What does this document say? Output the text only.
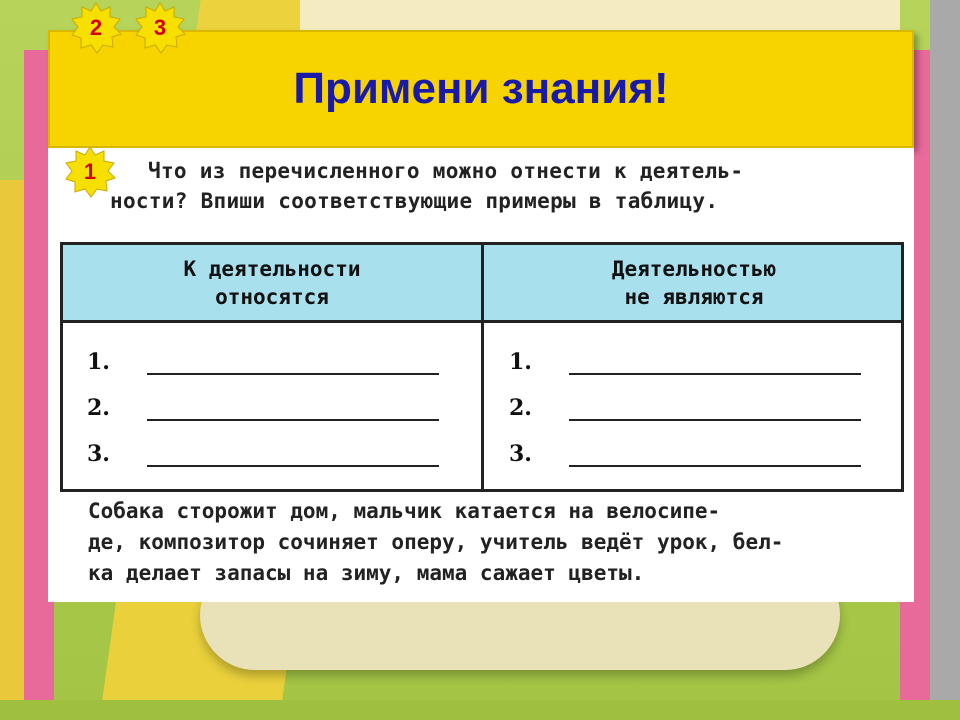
Примени знания!
2	3
1	Что из перечисленного можно отнести к деятель-
ности? Впиши соответствующие примеры в таблицу.
К деятельности
относятся
Деятельностью
не являются
1.
2.
3.
1.
2.
3.
Собака сторожит дом, мальчик катается на велосипе-
де, композитор сочиняет оперу, учитель ведёт урок, бел-
ка делает запасы на зиму, мама сажает цветы.
